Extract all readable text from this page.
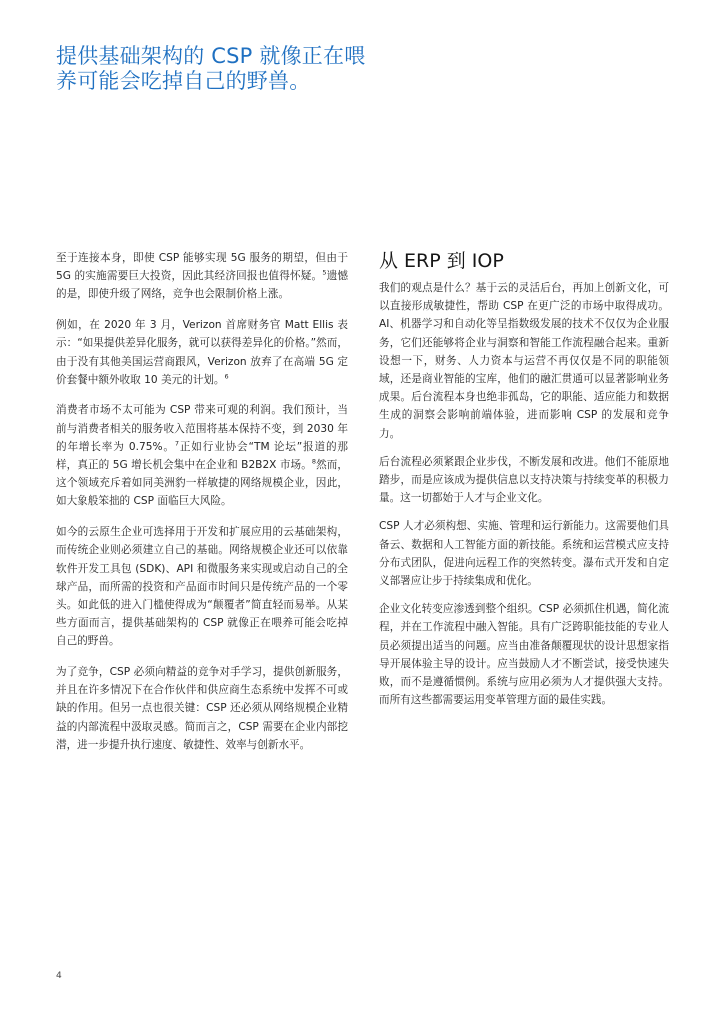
提供基础架构的 CSP 就像正在喂
养可能会吃掉自己的野兽。

至于连接本身，即使 CSP 能够实现 5G 服务的期望，但由于 5G 的实施需要巨大投资，因此其经济回报也值得怀疑。$^5$遗憾的是，即使升级了网络，竞争也会限制价格上涨。

例如，在 2020 年 3 月，Verizon 首席财务官 Matt Ellis 表示：“如果提供差异化服务，就可以获得差异化的价格。”然而，由于没有其他美国运营商跟风，Verizon 放弃了在高端 5G 定价套餐中额外收取 10 美元的计划。$^6$

消费者市场不太可能为 CSP 带来可观的利润。我们预计，当前与消费者相关的服务收入范围将基本保持不变，到 2030 年的年增长率为 0.75%。$^7$正如行业协会“TM 论坛”报道的那样，真正的 5G 增长机会集中在企业和 B2B2X 市场。$^8$然而，这个领域充斥着如同美洲豹一样敏捷的网络规模企业，因此，如大象般笨拙的 CSP 面临巨大风险。

如今的云原生企业可选择用于开发和扩展应用的云基础架构，而传统企业则必须建立自己的基础。网络规模企业还可以依靠软件开发工具包 (SDK)、API 和微服务来实现或启动自己的全球产品，而所需的投资和产品面市时间只是传统产品的一个零头。如此低的进入门槛使得成为“颠覆者”简直轻而易举。从某些方面而言，提供基础架构的 CSP 就像正在喂养可能会吃掉自己的野兽。

为了竞争，CSP 必须向精益的竞争对手学习，提供创新服务，并且在许多情况下在合作伙伴和供应商生态系统中发挥不可或缺的作用。但另一点也很关键：CSP 还必须从网络规模企业精益的内部流程中汲取灵感。简而言之，CSP 需要在企业内部挖潜，进一步提升执行速度、敏捷性、效率与创新水平。

从 ERP 到 IOP

我们的观点是什么？基于云的灵活后台，再加上创新文化，可以直接形成敏捷性，帮助 CSP 在更广泛的市场中取得成功。AI、机器学习和自动化等呈指数级发展的技术不仅仅为企业服务，它们还能够将企业与洞察和智能工作流程融合起来。重新设想一下，财务、人力资本与运营不再仅仅是不同的职能领域，还是商业智能的宝库，他们的融汇贯通可以显著影响业务成果。后台流程本身也绝非孤岛，它的职能、适应能力和数据生成的洞察会影响前端体验，进而影响 CSP 的发展和竞争力。

后台流程必须紧跟企业步伐，不断发展和改进。他们不能原地踏步，而是应该成为提供信息以支持决策与持续变革的积极力量。这一切都始于人才与企业文化。

CSP 人才必须构想、实施、管理和运行新能力。这需要他们具备云、数据和人工智能方面的新技能。系统和运营模式应支持分布式团队，促进向远程工作的突然转变。瀑布式开发和自定义部署应让步于持续集成和优化。

企业文化转变应渗透到整个组织。CSP 必须抓住机遇，简化流程，并在工作流程中融入智能。具有广泛跨职能技能的专业人员必须提出适当的问题。应当由准备颠覆现状的设计思想家指导开展体验主导的设计。应当鼓励人才不断尝试，接受快速失败，而不是遵循惯例。系统与应用必须为人才提供强大支持。而所有这些都需要运用变革管理方面的最佳实践。

4
